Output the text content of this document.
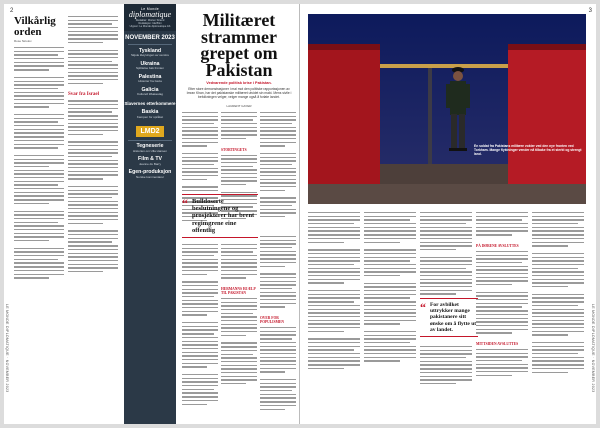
2
LE MONDE DIPLOMATIQUE · NOVEMBER 2023
Vilkårlig orden
Rose Nicolov
Svar fra Israel
Le Monde
diplomatique
Redaktør: Morten Strand
Redaksjon: Ida Blixt
Utgiver: Le Monde diplomatique AS
NOVEMBER 2023
Tyskland
Skjule kløyvingen av venstre
Ukraina
Splittelse bak fronten
Palestina
Historier fra Gaza
Galicia
Kulturell tilbakeslag
Slavernes etterkommere
Baskia
Kampen for språket
LMD2
Tegneserie
Historien om Ulla Hansen
Film & TV
Jeanne du Barry
Egen-produksjon
Norske kommentarer
Militæret strammer grepet om Pakistan
Vedvarende politisk krise i Pakistan.
Etter store demonstrasjoner i mai mot den politiske rapportasjonen av Imran Khan, har det pakistanske militæret utvidet sin makt. Mens sivile i befolkningen velger, velger mange også å forlate landet.
LAURENT GAYER
STORTINGETS
“ Bulldoserte beslutningene og prosjekterer har brent regimgrene eine offentlig
HERMANNS HJÆLP TIL PAKISTAN
OVER FOR POPULISMEN
3
LE MONDE DIPLOMATIQUE · NOVEMBER 2023
En soldat fra Pakistans militære vokter ved den nye fronten ved Torkham. Mange flyktninger vender nå tilbake fra et sterkt og strengt land.
“ For avbilket uttrykker mange pakistanere sitt ønske om å flytte ut av landet.
PÅ DØRENE AVSLUTTES
MITTSIDEN AVSLUTTES
